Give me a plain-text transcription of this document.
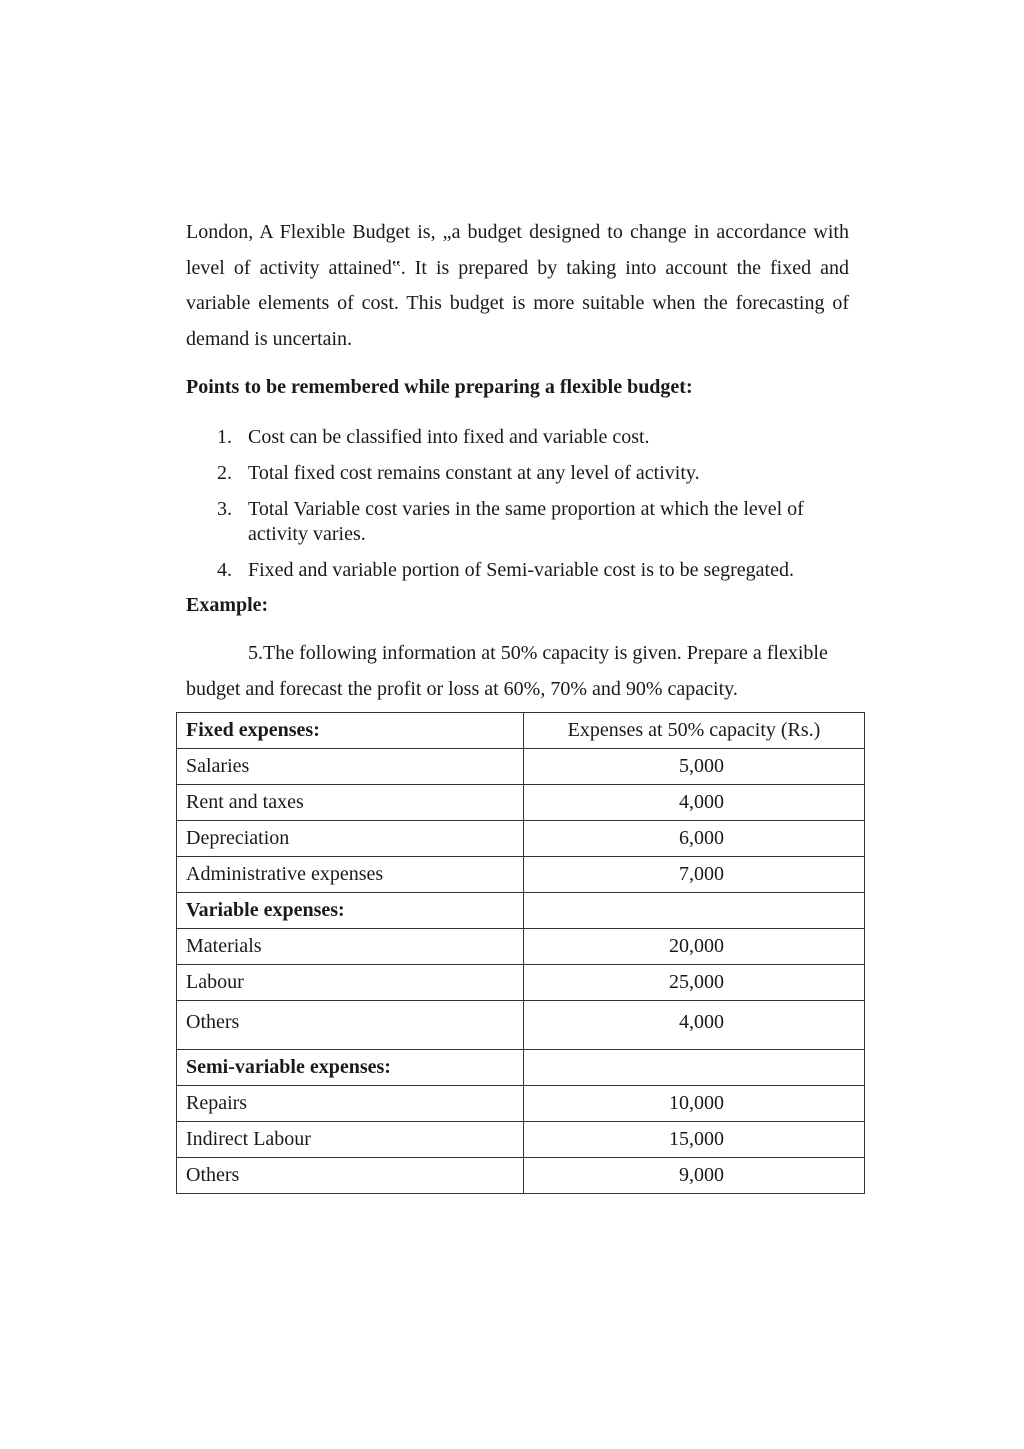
London, A Flexible Budget is, „a budget designed to change in accordance with level of activity attained‟. It is prepared by taking into account the fixed and variable elements of cost. This budget is more suitable when the forecasting of demand is uncertain.

Points to be remembered while preparing a flexible budget:

1. Cost can be classified into fixed and variable cost.
2. Total fixed cost remains constant at any level of activity.
3. Total Variable cost varies in the same proportion at which the level of activity varies.
4. Fixed and variable portion of Semi-variable cost is to be segregated.

Example:

5.The following information at 50% capacity is given. Prepare a flexible
budget and forecast the profit or loss at 60%, 70% and 90% capacity.

Fixed expenses:	Expenses at 50% capacity (Rs.)
Salaries	5,000
Rent and taxes	4,000
Depreciation	6,000
Administrative expenses	7,000
Variable expenses:	
Materials	20,000
Labour	25,000
Others	4,000
Semi-variable expenses:	
Repairs	10,000
Indirect Labour	15,000
Others	9,000
